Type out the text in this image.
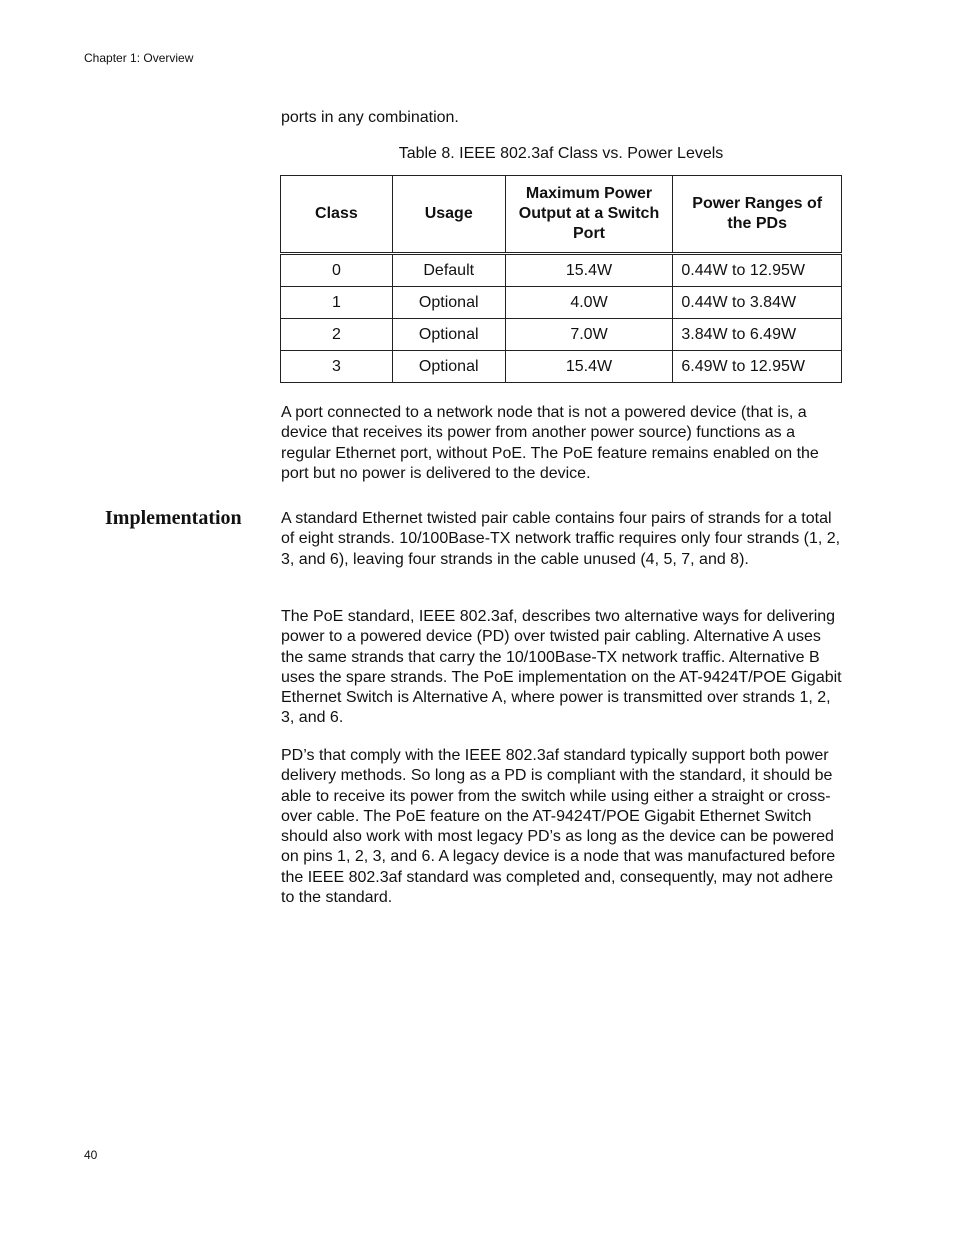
Chapter 1: Overview

ports in any combination.

Table 8. IEEE 802.3af Class vs. Power Levels
Class	Usage	Maximum Power Output at a Switch Port	Power Ranges of the PDs
0	Default	15.4W	0.44W to 12.95W
1	Optional	4.0W	0.44W to 3.84W
2	Optional	7.0W	3.84W to 6.49W
3	Optional	15.4W	6.49W to 12.95W

A port connected to a network node that is not a powered device (that is, a device that receives its power from another power source) functions as a regular Ethernet port, without PoE. The PoE feature remains enabled on the port but no power is delivered to the device.

Implementation A standard Ethernet twisted pair cable contains four pairs of strands for a total of eight strands. 10/100Base-TX network traffic requires only four strands (1, 2, 3, and 6), leaving four strands in the cable unused (4, 5, 7, and 8).

The PoE standard, IEEE 802.3af, describes two alternative ways for delivering power to a powered device (PD) over twisted pair cabling. Alternative A uses the same strands that carry the 10/100Base-TX network traffic. Alternative B uses the spare strands. The PoE implementation on the AT-9424T/POE Gigabit Ethernet Switch is Alternative A, where power is transmitted over strands 1, 2, 3, and 6.

PD’s that comply with the IEEE 802.3af standard typically support both power delivery methods. So long as a PD is compliant with the standard, it should be able to receive its power from the switch while using either a straight or cross-over cable. The PoE feature on the AT-9424T/POE Gigabit Ethernet Switch should also work with most legacy PD’s as long as the device can be powered on pins 1, 2, 3, and 6. A legacy device is a node that was manufactured before the IEEE 802.3af standard was completed and, consequently, may not adhere to the standard.

40
